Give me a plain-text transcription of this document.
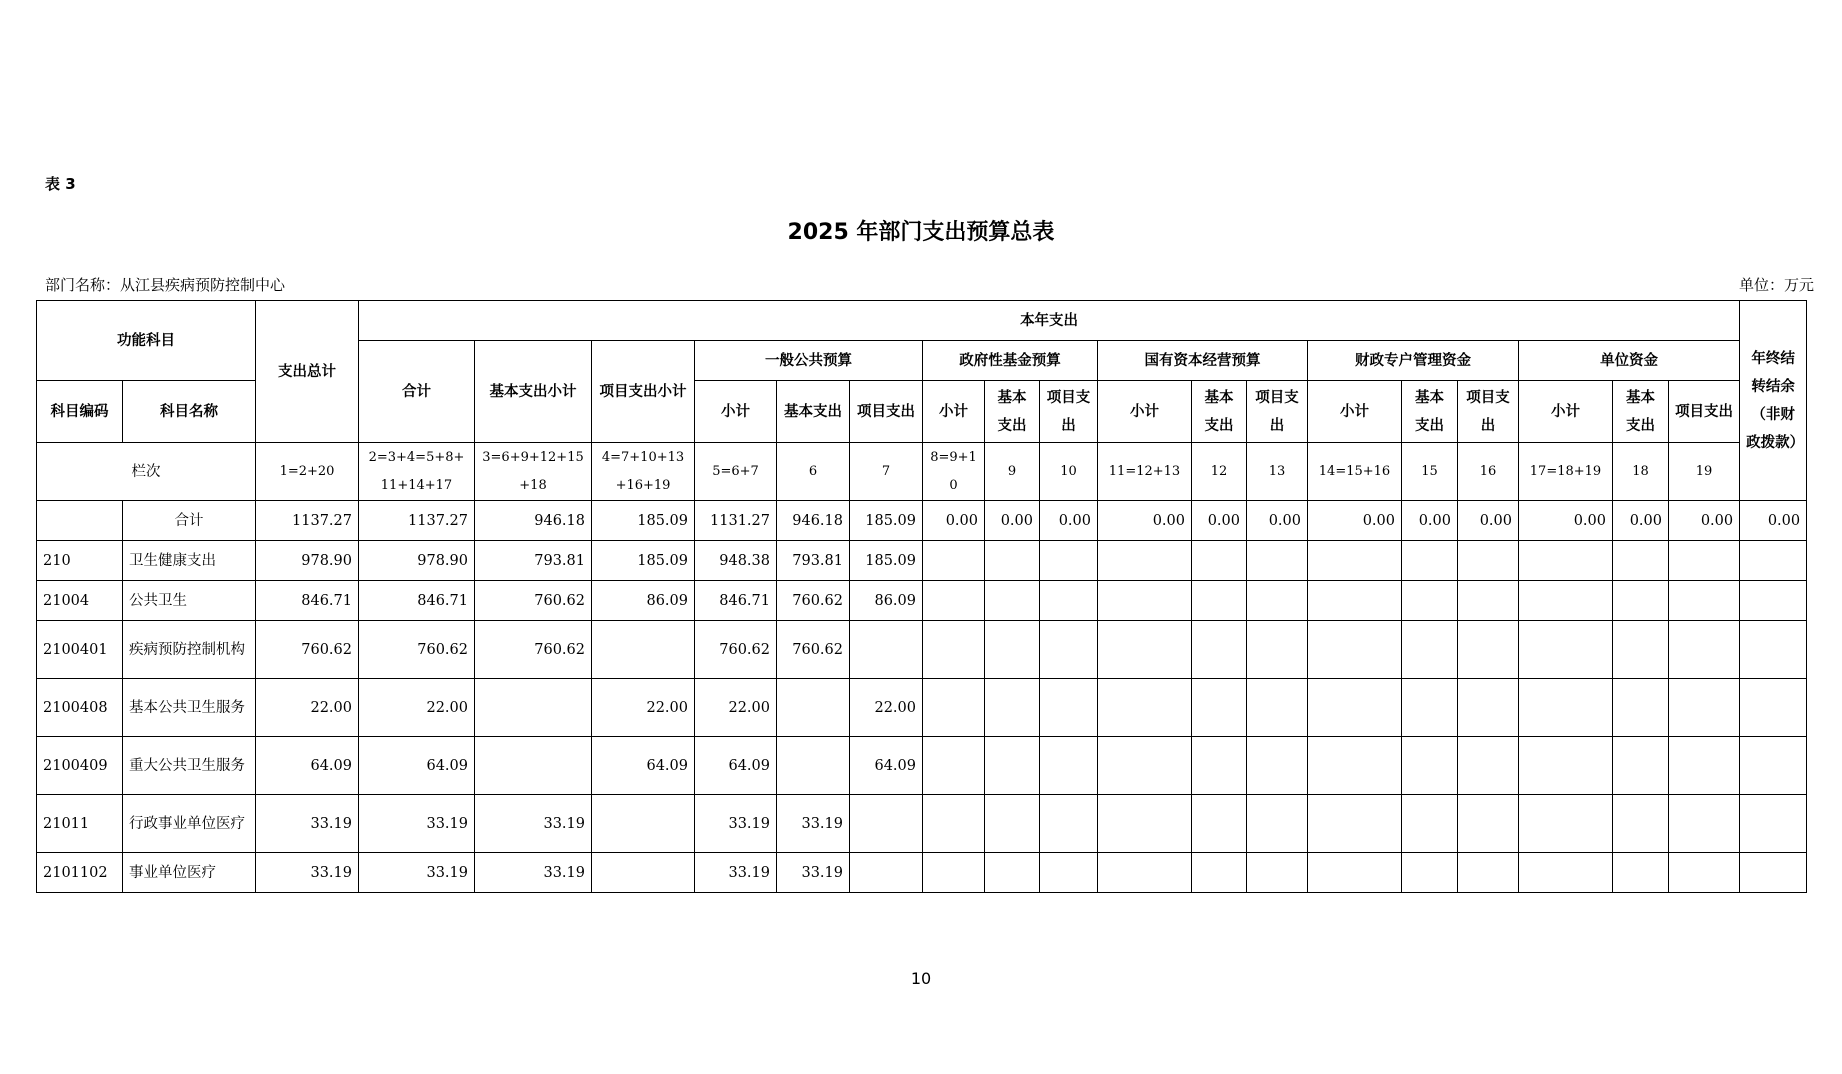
表 3
2025 年部门支出预算总表
部门名称：从江县疾病预防控制中心	单位：万元
功能科目		支出总计	本年支出																		年终结转结余（非财政拨款）	
			合计	基本支出小计	项目支出小计	一般公共预算			政府性基金预算			国有资本经营预算			财政专户管理资金			单位资金				
科目编码	科目名称					小计	基本支出	项目支出	小计	基本支出	项目支出	小计	基本支出	项目支出	小计	基本支出	项目支出	小计	基本支出	项目支出		
栏次		1=2+20	2=3+4=5+8+11+14+17	3=6+9+12+15+18	4=7+10+13+16+19	5=6+7	6	7	8=9+10	9	10	11=12+13	12	13	14=15+16	15	16	17=18+19	18	19	
	合计	1137.27	1137.27	946.18	185.09	1131.27	946.18	185.09	0.00	0.00	0.00	0.00	0.00	0.00	0.00	0.00	0.00	0.00	0.00	0.00	0.00	
210	卫生健康支出	978.90	978.90	793.81	185.09	948.38	793.81	185.09														
21004	公共卫生	846.71	846.71	760.62	86.09	846.71	760.62	86.09														
2100401	疾病预防控制机构	760.62	760.62	760.62		760.62	760.62															
2100408	基本公共卫生服务	22.00	22.00		22.00	22.00		22.00														
2100409	重大公共卫生服务	64.09	64.09		64.09	64.09		64.09														
21011	行政事业单位医疗	33.19	33.19	33.19		33.19	33.19															
2101102	事业单位医疗	33.19	33.19	33.19		33.19	33.19															
10
